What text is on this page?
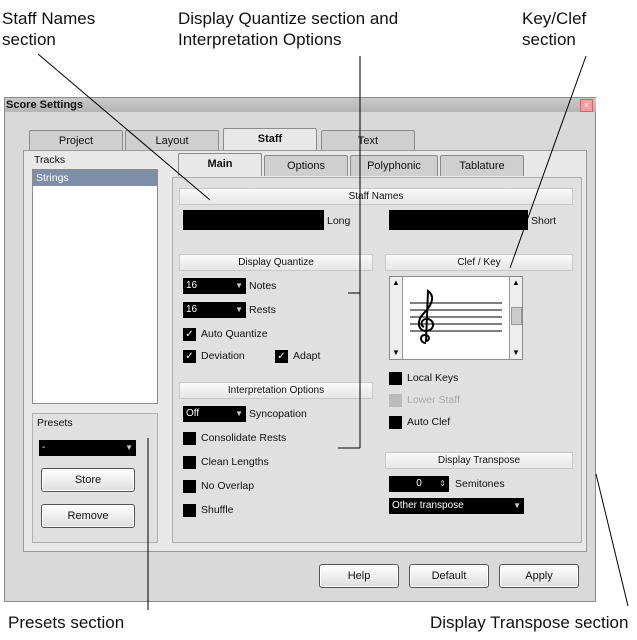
Staff Names
section
Display Quantize section and
Interpretation Options
Key/Clef
section
Presets section	Display Transpose section
Score Settings	×
Project	Layout	Staff	Text
Tracks
Strings
Presets
-	▼
Store
Remove
Main	Options	Polyphonic	Tablature
Staff Names
Long	Short
Display Quantize
16	▼ Notes
16	▼ Rests
✓ Auto Quantize
✓ Deviation	✓ Adapt
Interpretation Options
Off	▼ Syncopation
Consolidate Rests
Clean Lengths
No Overlap
Shuffle
Clef / Key
▲
▼
▲
▼
Local Keys
Lower Staff
Auto Clef
Display Transpose
0 ⇕ Semitones
Other transpose	▼
Help	Default	Apply
